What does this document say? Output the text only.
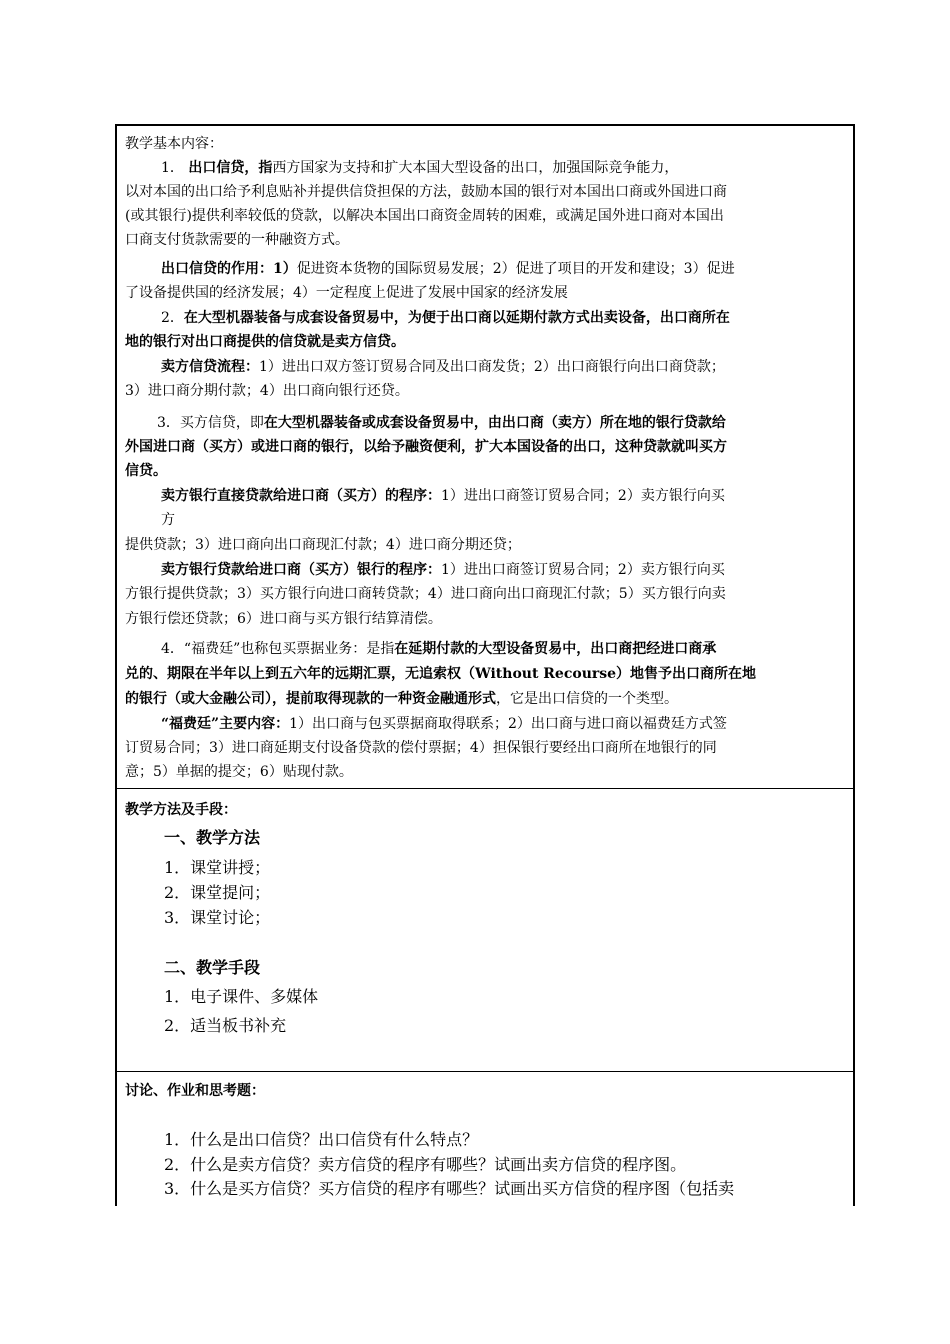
教学基本内容：
1． 出口信贷，指西方国家为支持和扩大本国大型设备的出口，加强国际竞争能力，
以对本国的出口给予利息贴补并提供信贷担保的方法，鼓励本国的银行对本国出口商或外国进口商
(或其银行)提供利率较低的贷款，以解决本国出口商资金周转的困难，或满足国外进口商对本国出
口商支付货款需要的一种融资方式。
出口信贷的作用：1）促进资本货物的国际贸易发展；2）促进了项目的开发和建设；3）促进
了设备提供国的经济发展；4）一定程度上促进了发展中国家的经济发展
2．在大型机器装备与成套设备贸易中，为便于出口商以延期付款方式出卖设备，出口商所在
地的银行对出口商提供的信贷就是卖方信贷。
卖方信贷流程：1）进出口双方签订贸易合同及出口商发货；2）出口商银行向出口商贷款；
3）进口商分期付款；4）出口商向银行还贷。
3．买方信贷，即在大型机器装备或成套设备贸易中，由出口商（卖方）所在地的银行贷款给
外国进口商（买方）或进口商的银行，以给予融资便利，扩大本国设备的出口，这种贷款就叫买方
信贷。
卖方银行直接贷款给进口商（买方）的程序：1）进出口商签订贸易合同；2）卖方银行向买
方
提供贷款；3）进口商向出口商现汇付款；4）进口商分期还贷；
卖方银行贷款给进口商（买方）银行的程序：1）进出口商签订贸易合同；2）卖方银行向买
方银行提供贷款；3）买方银行向进口商转贷款；4）进口商向出口商现汇付款；5）买方银行向卖
方银行偿还贷款；6）进口商与买方银行结算清偿。
4．“福费廷”也称包买票据业务：是指在延期付款的大型设备贸易中，出口商把经进口商承
兑的、期限在半年以上到五六年的远期汇票，无追索权（Without Recourse）地售予出口商所在地
的银行（或大金融公司），提前取得现款的一种资金融通形式，它是出口信贷的一个类型。
“福费廷”主要内容：1）出口商与包买票据商取得联系；2）出口商与进口商以福费廷方式签
订贸易合同；3）进口商延期支付设备贷款的偿付票据；4）担保银行要经出口商所在地银行的同
意；5）单据的提交；6）贴现付款。
教学方法及手段：
一、教学方法
1．课堂讲授；
2．课堂提问；
3．课堂讨论；
二、教学手段
1．电子课件、多媒体
2．适当板书补充
讨论、作业和思考题：
1．什么是出口信贷？出口信贷有什么特点？
2．什么是卖方信贷？卖方信贷的程序有哪些？试画出卖方信贷的程序图。
3．什么是买方信贷？买方信贷的程序有哪些？试画出买方信贷的程序图（包括卖
